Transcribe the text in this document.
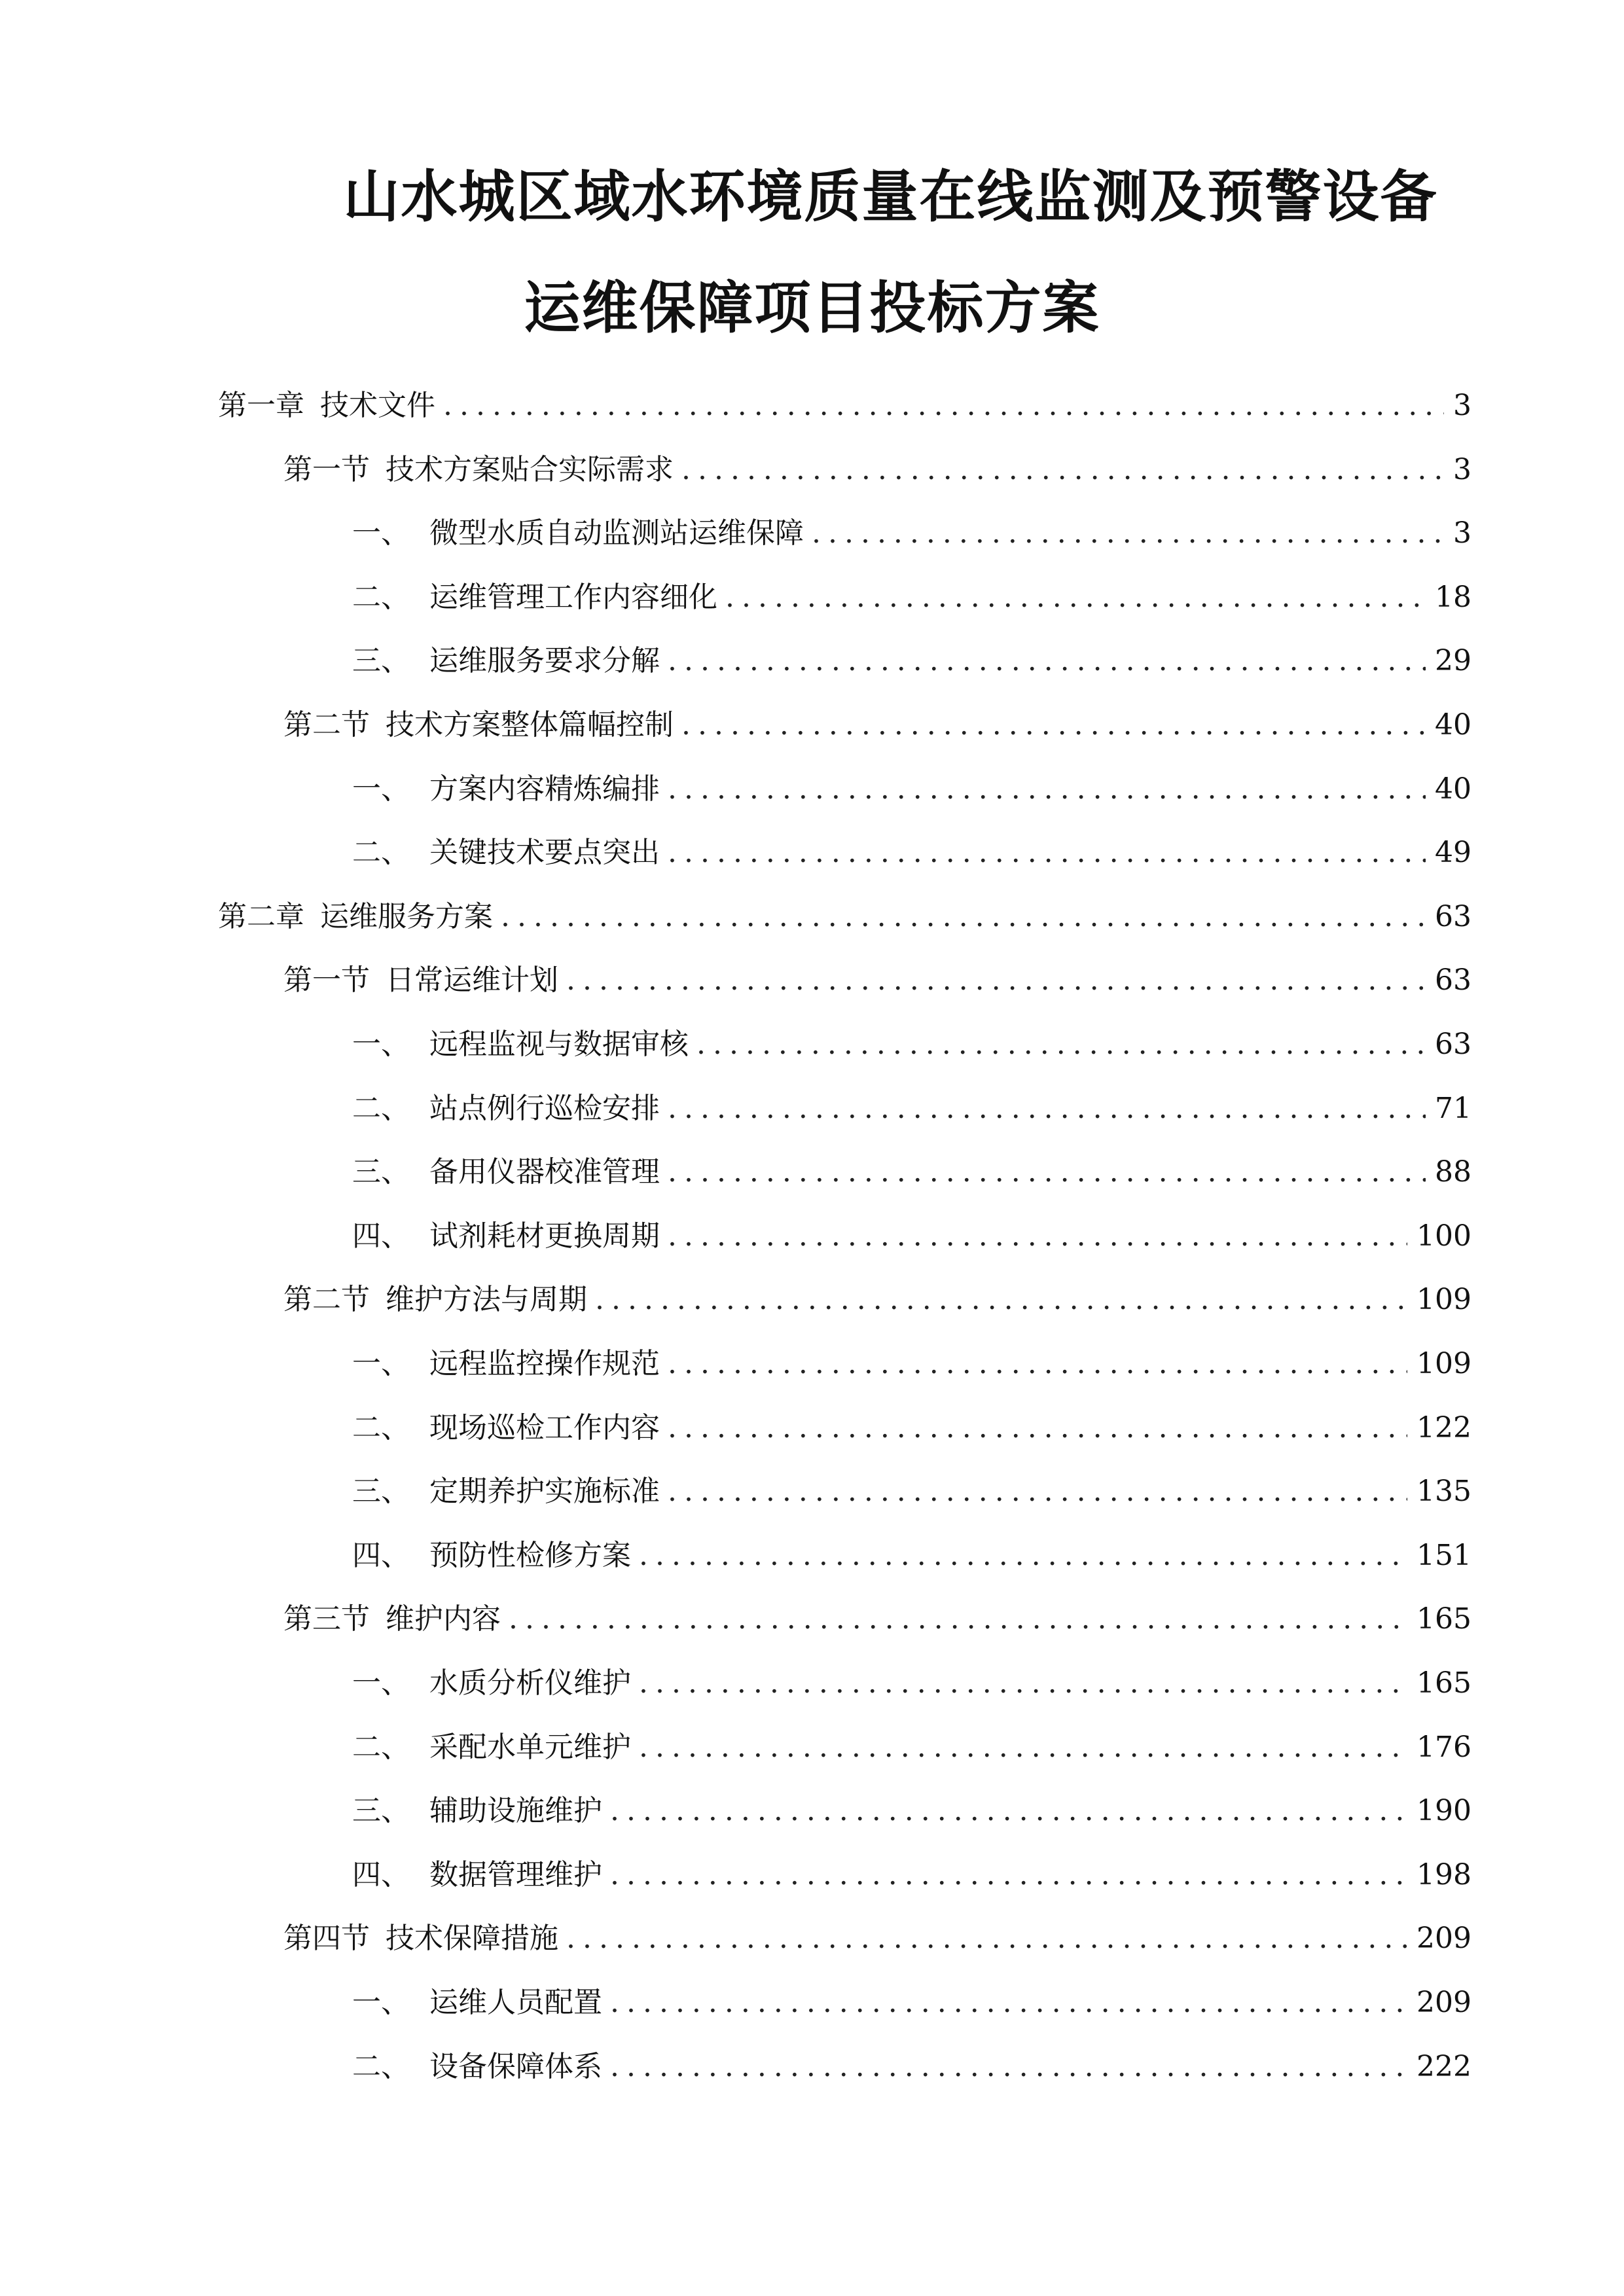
山水城区域水环境质量在线监测及预警设备
运维保障项目投标方案
第一章 技术文件 .....	3
第一节 技术方案贴合实际需求 .....	3
一、 微型水质自动监测站运维保障 .....	3
二、 运维管理工作内容细化 .....	18
三、 运维服务要求分解 .....	29
第二节 技术方案整体篇幅控制 .....	40
一、 方案内容精炼编排 .....	40
二、 关键技术要点突出 .....	49
第二章 运维服务方案 .....	63
第一节 日常运维计划 .....	63
一、 远程监视与数据审核 .....	63
二、 站点例行巡检安排 .....	71
三、 备用仪器校准管理 .....	88
四、 试剂耗材更换周期 .....	100
第二节 维护方法与周期 .....	109
一、 远程监控操作规范 .....	109
二、 现场巡检工作内容 .....	122
三、 定期养护实施标准 .....	135
四、 预防性检修方案 .....	151
第三节 维护内容 .....	165
一、 水质分析仪维护 .....	165
二、 采配水单元维护 .....	176
三、 辅助设施维护 .....	190
四、 数据管理维护 .....	198
第四节 技术保障措施 .....	209
一、 运维人员配置 .....	209
二、 设备保障体系 .....	222
